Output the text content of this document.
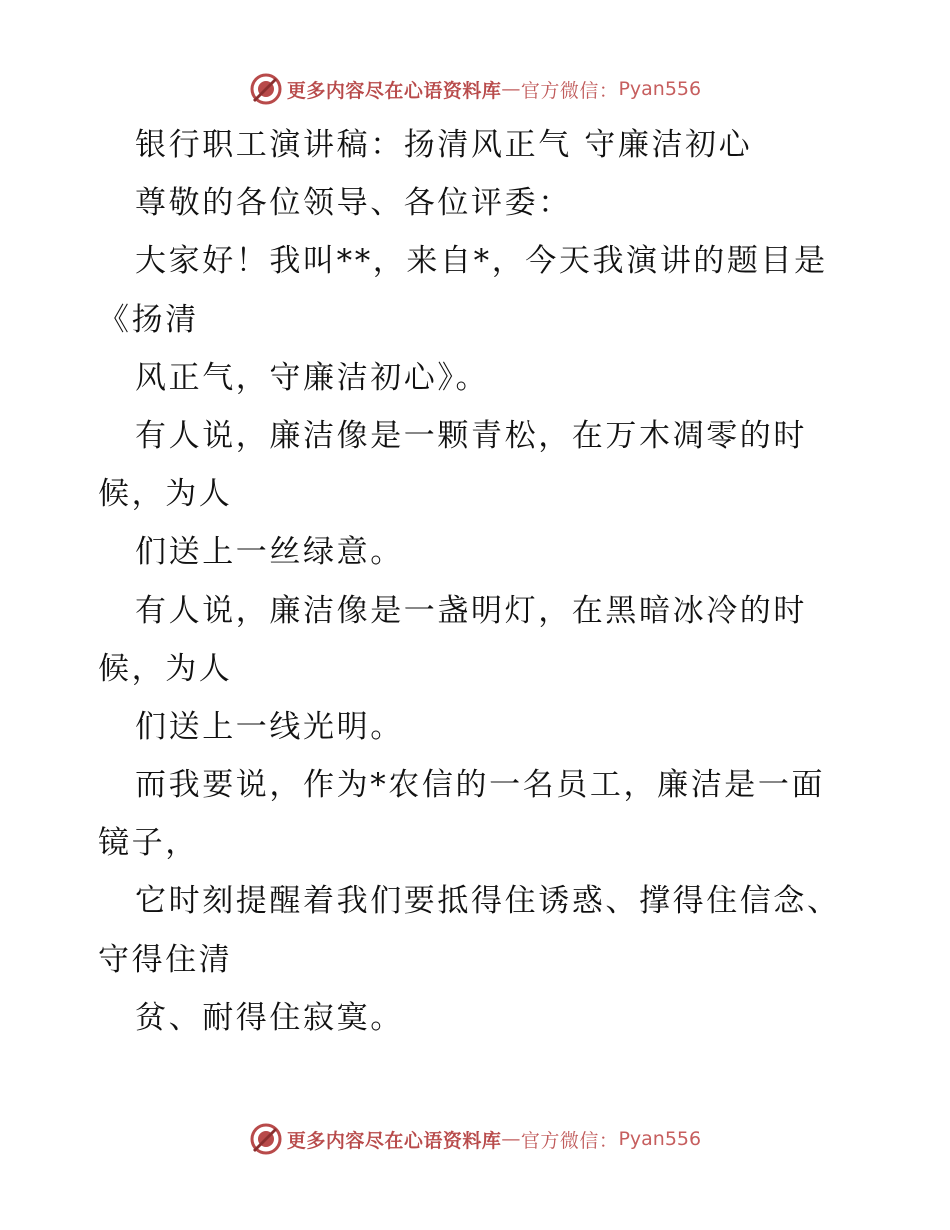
更多内容尽在心语资料库 — 官方微信： Pyan556
银行职工演讲稿：扬清风正气 守廉洁初心
尊敬的各位领导、各位评委：
大家好！我叫**，来自*，今天我演讲的题目是
《扬清
风正气，守廉洁初心》。
有人说，廉洁像是一颗青松，在万木凋零的时
候，为人
们送上一丝绿意。
有人说，廉洁像是一盏明灯，在黑暗冰冷的时
候，为人
们送上一线光明。
而我要说，作为*农信的一名员工，廉洁是一面
镜子，
它时刻提醒着我们要抵得住诱惑、撑得住信念、
守得住清
贫、耐得住寂寞。
更多内容尽在心语资料库 — 官方微信： Pyan556
